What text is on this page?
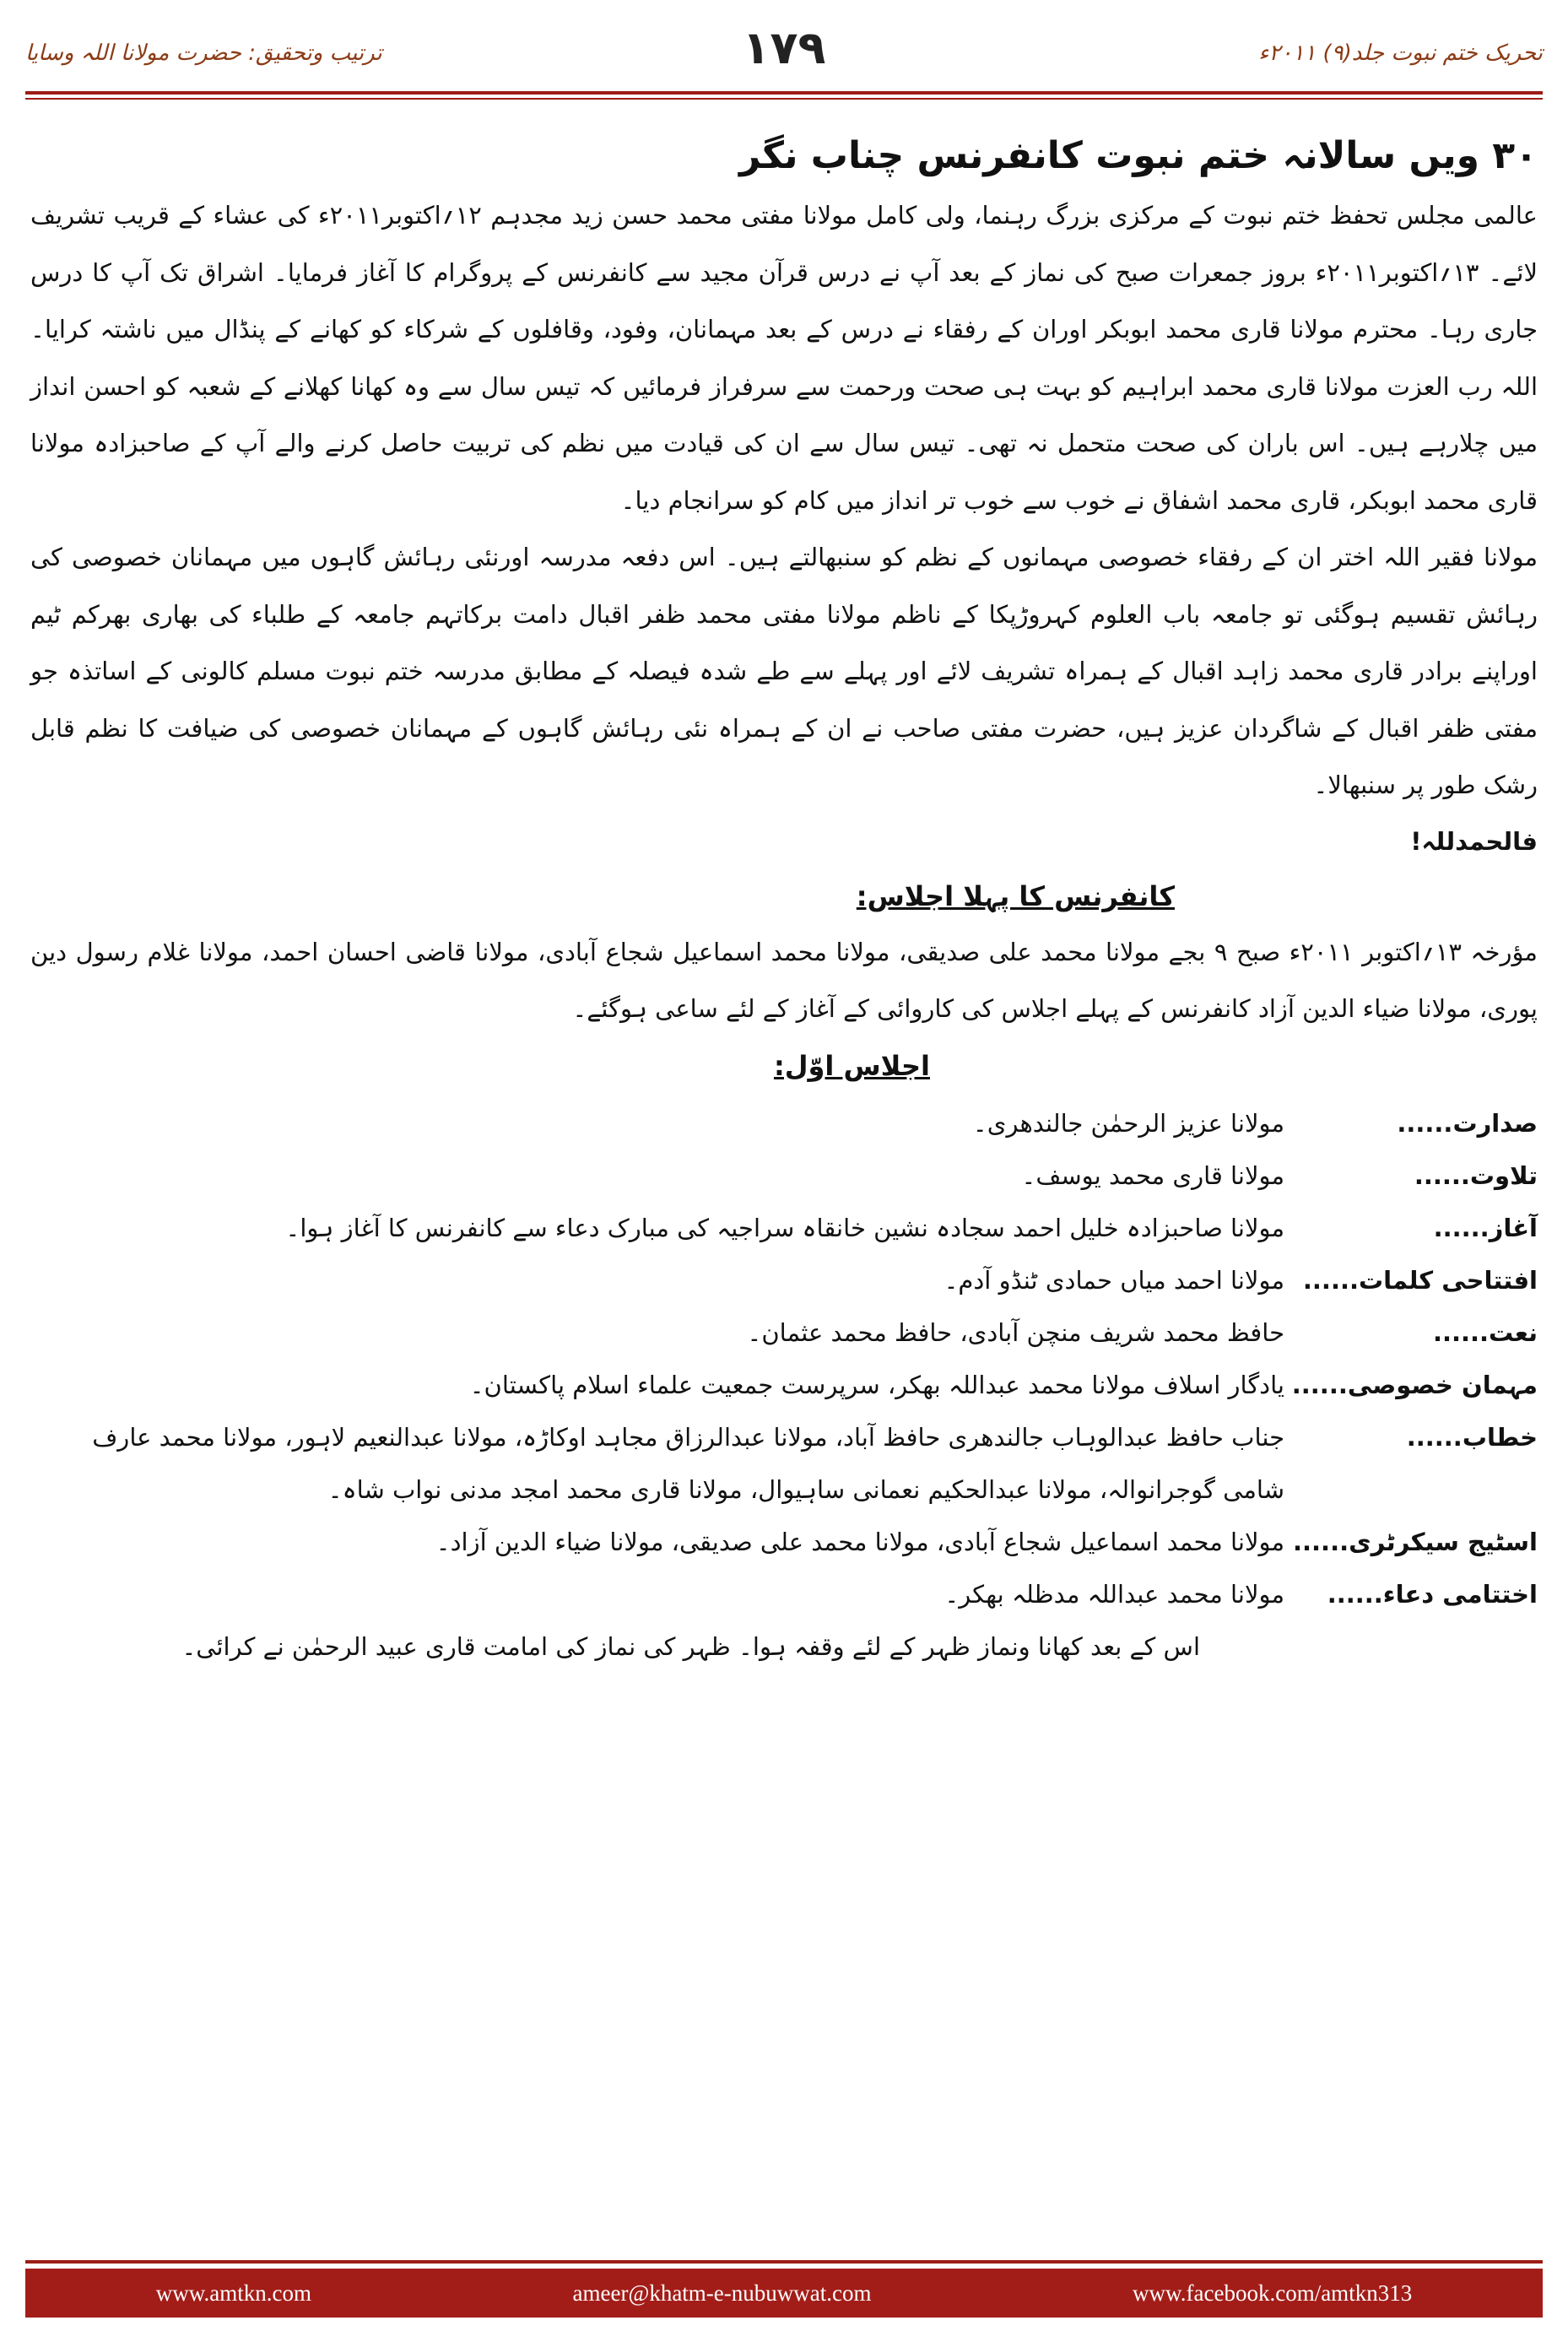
ترتیب وتحقیق: حضرت مولانا اللہ وسایا	۱۷۹	تحریک ختم نبوت جلد(۹) ۲۰۱۱ء
۳۰ ویں سالانہ ختم نبوت کانفرنس چناب نگر

عالمی مجلس تحفظ ختم نبوت کے مرکزی بزرگ رہنما، ولی کامل مولانا مفتی محمد حسن زید مجدہم ۱۲؍اکتوبر۲۰۱۱ء کی عشاء کے قریب تشریف لائے۔ ۱۳؍اکتوبر۲۰۱۱ء بروز جمعرات صبح کی نماز کے بعد آپ نے درس قرآن مجید سے کانفرنس کے پروگرام کا آغاز فرمایا۔ اشراق تک آپ کا درس جاری رہا۔ محترم مولانا قاری محمد ابوبکر اوران کے رفقاء نے درس کے بعد مہمانان، وفود، وقافلوں کے شرکاء کو کھانے کے پنڈال میں ناشتہ کرایا۔ اللہ رب العزت مولانا قاری محمد ابراہیم کو بہت ہی صحت ورحمت سے سرفراز فرمائیں کہ تیس سال سے وہ کھانا کھلانے کے شعبہ کو احسن انداز میں چلارہے ہیں۔ اس باران کی صحت متحمل نہ تھی۔ تیس سال سے ان کی قیادت میں نظم کی تربیت حاصل کرنے والے آپ کے صاحبزادہ مولانا قاری محمد ابوبکر، قاری محمد اشفاق نے خوب سے خوب تر انداز میں کام کو سرانجام دیا۔

مولانا فقیر اللہ اختر ان کے رفقاء خصوصی مہمانوں کے نظم کو سنبھالتے ہیں۔ اس دفعہ مدرسہ اورنئی رہائش گاہوں میں مہمانان خصوصی کی رہائش تقسیم ہوگئی تو جامعہ باب العلوم کہروڑپکا کے ناظم مولانا مفتی محمد ظفر اقبال دامت برکاتہم جامعہ کے طلباء کی بھاری بھرکم ٹیم اوراپنے برادر قاری محمد زاہد اقبال کے ہمراہ تشریف لائے اور پہلے سے طے شدہ فیصلہ کے مطابق مدرسہ ختم نبوت مسلم کالونی کے اساتذہ جو مفتی ظفر اقبال کے شاگردان عزیز ہیں، حضرت مفتی صاحب نے ان کے ہمراہ نئی رہائش گاہوں کے مہمانان خصوصی کی ضیافت کا نظم قابل رشک طور پر سنبھالا۔

فالحمدللہ!
کانفرنس کا پہلا اجلاس:

مؤرخہ ۱۳؍اکتوبر ۲۰۱۱ء صبح ۹ بجے مولانا محمد علی صدیقی، مولانا محمد اسماعیل شجاع آبادی، مولانا قاضی احسان احمد، مولانا غلام رسول دین پوری، مولانا ضیاء الدین آزاد کانفرنس کے پہلے اجلاس کی کاروائی کے آغاز کے لئے ساعی ہوگئے۔

اجلاس اوّل:
صدارت......
مولانا عزیز الرحمٰن جالندھری۔
تلاوت......
مولانا قاری محمد یوسف۔
آغاز......
مولانا صاحبزادہ خلیل احمد سجادہ نشین خانقاہ سراجیہ کی مبارک دعاء سے کانفرنس کا آغاز ہوا۔
افتتاحی کلمات......
مولانا احمد میاں حمادی ٹنڈو آدم۔
نعت......
حافظ محمد شریف منچن آبادی، حافظ محمد عثمان۔
مہمان خصوصی......
یادگار اسلاف مولانا محمد عبداللہ بھکر، سرپرست جمعیت علماء اسلام پاکستان۔
خطاب......
جناب حافظ عبدالوہاب جالندھری حافظ آباد، مولانا عبدالرزاق مجاہد اوکاڑہ، مولانا عبدالنعیم لاہور، مولانا محمد عارف شامی گوجرانوالہ، مولانا عبدالحکیم نعمانی ساہیوال، مولانا قاری محمد امجد مدنی نواب شاہ۔
اسٹیج سیکرٹری......
مولانا محمد اسماعیل شجاع آبادی، مولانا محمد علی صدیقی، مولانا ضیاء الدین آزاد۔
اختتامی دعاء......
مولانا محمد عبداللہ مدظلہ بھکر۔
اس کے بعد کھانا ونماز ظہر کے لئے وقفہ ہوا۔ ظہر کی نماز کی امامت قاری عبید الرحمٰن نے کرائی۔
www.amtkn.com	ameer@khatm-e-nubuwwat.com	www.facebook.com/amtkn313
